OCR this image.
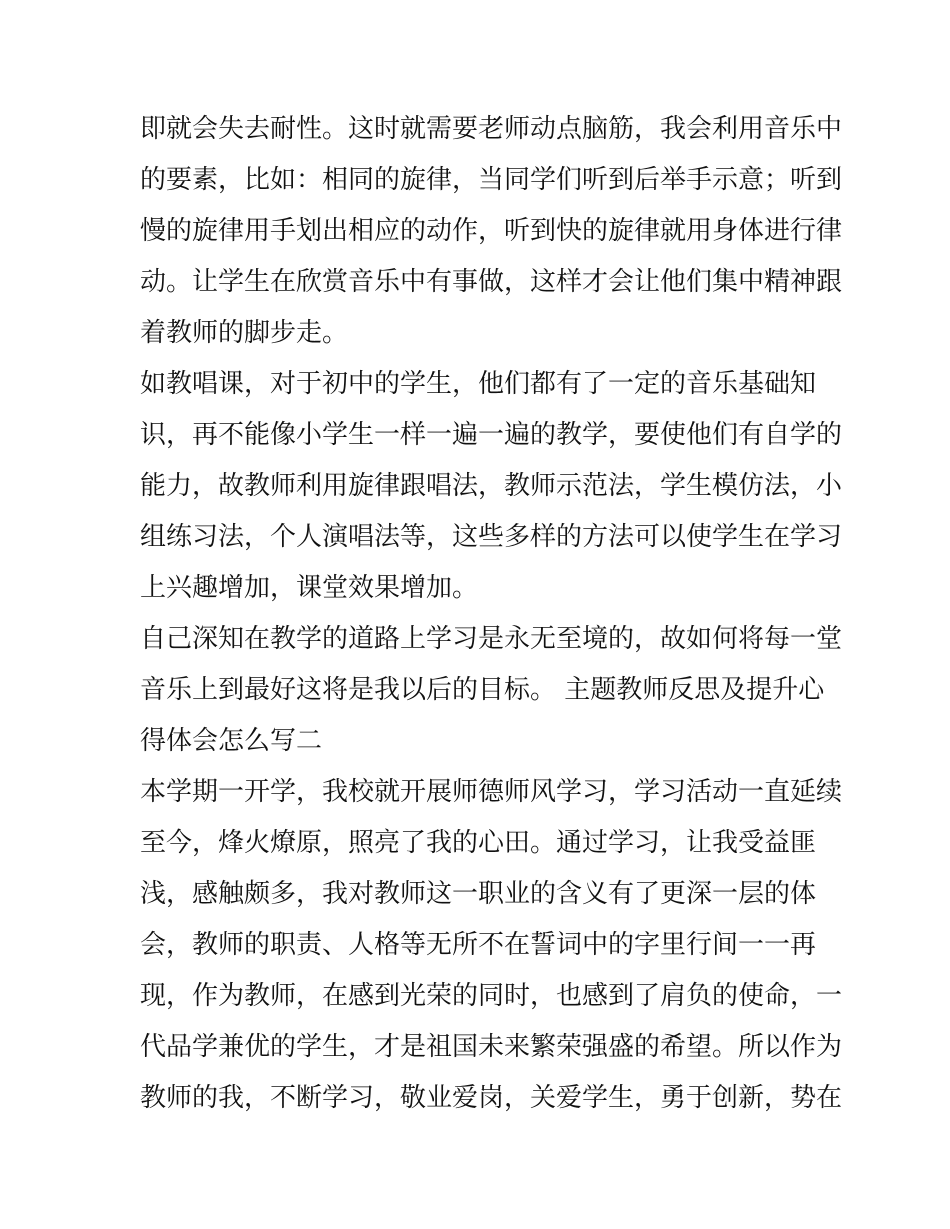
即就会失去耐性。这时就需要老师动点脑筋，我会利用音乐中
的要素，比如：相同的旋律，当同学们听到后举手示意；听到
慢的旋律用手划出相应的动作，听到快的旋律就用身体进行律
动。让学生在欣赏音乐中有事做，这样才会让他们集中精神跟
着教师的脚步走。
如教唱课，对于初中的学生，他们都有了一定的音乐基础知
识，再不能像小学生一样一遍一遍的教学，要使他们有自学的
能力，故教师利用旋律跟唱法，教师示范法，学生模仿法，小
组练习法，个人演唱法等，这些多样的方法可以使学生在学习
上兴趣增加，课堂效果增加。
自己深知在教学的道路上学习是永无至境的，故如何将每一堂
音乐上到最好这将是我以后的目标。 主题教师反思及提升心
得体会怎么写二
本学期一开学，我校就开展师德师风学习，学习活动一直延续
至今，烽火燎原，照亮了我的心田。通过学习，让我受益匪
浅，感触颇多，我对教师这一职业的含义有了更深一层的体
会，教师的职责、人格等无所不在誓词中的字里行间一一再
现，作为教师，在感到光荣的同时，也感到了肩负的使命，一
代品学兼优的学生，才是祖国未来繁荣强盛的希望。所以作为
教师的我，不断学习，敬业爱岗，关爱学生，勇于创新，势在
